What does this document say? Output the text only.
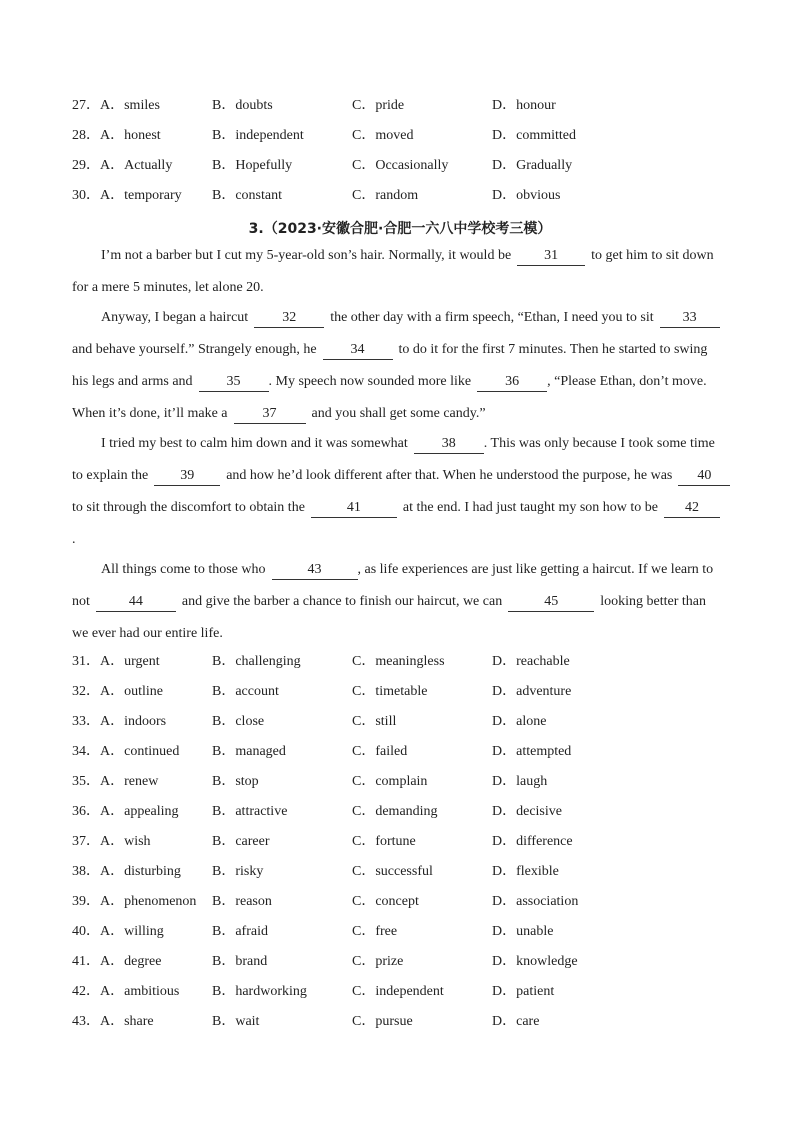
27．A．smiles	B．doubts	C．pride	D．honour
28．A．honest	B．independent	C．moved	D．committed
29．A．Actually	B．Hopefully	C．Occasionally	D．Gradually
30．A．temporary B．constant	C．random	D．obvious
3.（2023·安徽合肥·合肥一六八中学校考三模）
I’m not a barber but I cut my 5-year-old son’s hair. Normally, it would be 31 to get him to sit down
for a mere 5 minutes, let alone 20.
Anyway, I began a haircut 32 the other day with a firm speech, “Ethan, I need you to sit 33
and behave yourself.” Strangely enough, he 34 to do it for the first 7 minutes. Then he started to swing
his legs and arms and 35 . My speech now sounded more like 36 , “Please Ethan, don’t move.
When it’s done, it’ll make a	37	and you shall get some candy.”
I tried my best to calm him down and it was somewhat 38 . This was only because I took some time
to explain the 39 and how he’d look different after that. When he understood the purpose, he was 40
to sit through the discomfort to obtain the	41	at the end. I had just taught my son how to be 42
.
All things come to those who	43	, as life experiences are just like getting a haircut. If we learn to
not	44	and give the barber a chance to finish our haircut, we can	45	looking better than
we ever had our entire life.
31．A．urgent	B．challenging	C．meaningless	D．reachable
32．A．outline	B．account	C．timetable	D．adventure
33．A．indoors	B．close	C．still	D．alone
34．A．continued B．managed	C．failed	D．attempted
35．A．renew	B．stop	C．complain	D．laugh
36．A．appealing B．attractive	C．demanding	D．decisive
37．A．wish	B．career	C．fortune	D．difference
38．A．disturbing B．risky	C．successful	D．flexible
39．A．phenomenon B．reason	C．concept	D．association
40．A．willing	B．afraid	C．free	D．unable
41．A．degree	B．brand	C．prize	D．knowledge
42．A．ambitious B．hardworking	C．independent	D．patient
43．A．share	B．wait	C．pursue	D．care
